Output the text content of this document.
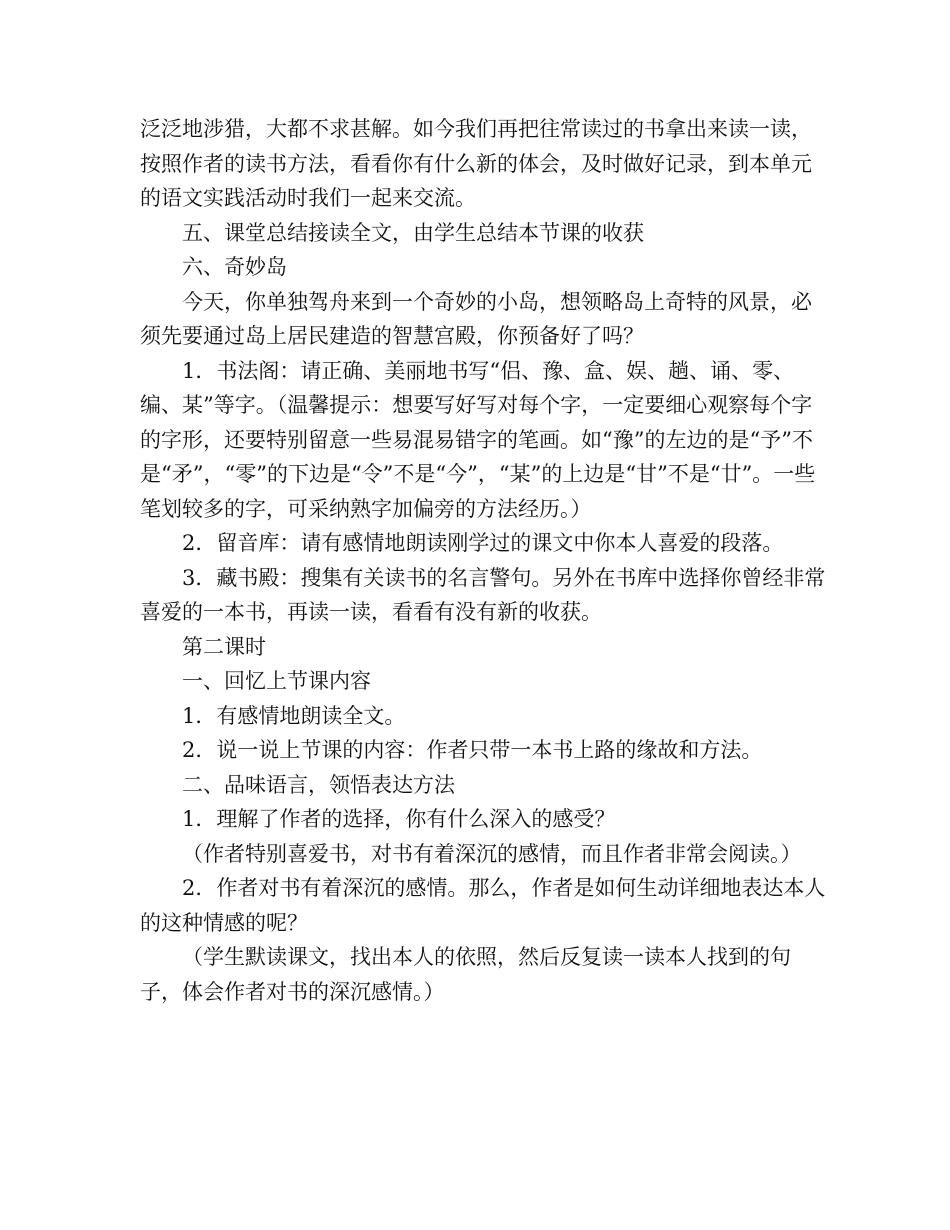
泛泛地涉猎，大都不求甚解。如今我们再把往常读过的书拿出来读一读，按照作者的读书方法，看看你有什么新的体会，及时做好记录，到本单元的语文实践活动时我们一起来交流。

五、课堂总结接读全文，由学生总结本节课的收获

六、奇妙岛

今天，你单独驾舟来到一个奇妙的小岛，想领略岛上奇特的风景，必须先要通过岛上居民建造的智慧宫殿，你预备好了吗？

1．书法阁：请正确、美丽地书写“侣、豫、盒、娱、趟、诵、零、编、某”等字。（温馨提示：想要写好写对每个字，一定要细心观察每个字的字形，还要特别留意一些易混易错字的笔画。如“豫”的左边的是“予”不是“矛”，“零”的下边是“令”不是“今”，“某”的上边是“甘”不是“廿”。一些笔划较多的字，可采纳熟字加偏旁的方法经历。）

2．留音库：请有感情地朗读刚学过的课文中你本人喜爱的段落。

3．藏书殿：搜集有关读书的名言警句。另外在书库中选择你曾经非常喜爱的一本书，再读一读，看看有没有新的收获。

第二课时

一、回忆上节课内容

1．有感情地朗读全文。

2．说一说上节课的内容：作者只带一本书上路的缘故和方法。

二、品味语言，领悟表达方法

1．理解了作者的选择，你有什么深入的感受？

（作者特别喜爱书，对书有着深沉的感情，而且作者非常会阅读。）

2．作者对书有着深沉的感情。那么，作者是如何生动详细地表达本人的这种情感的呢？

（学生默读课文，找出本人的依照，然后反复读一读本人找到的句子，体会作者对书的深沉感情。）
